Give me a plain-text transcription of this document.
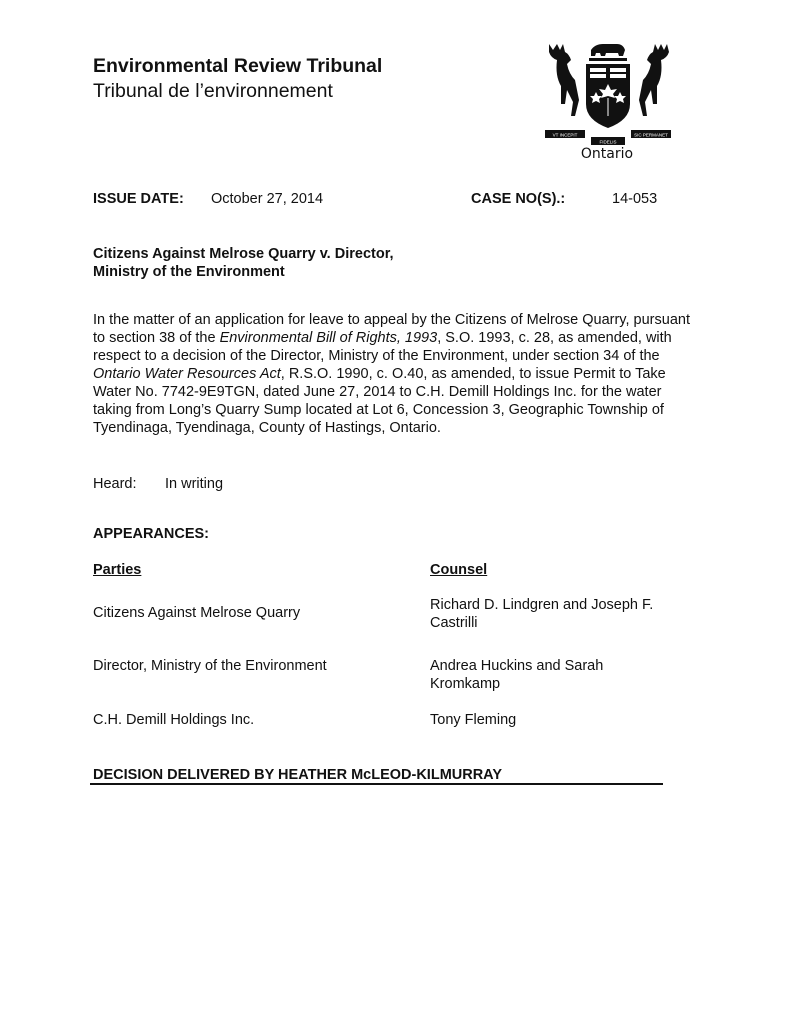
Environmental Review Tribunal
Tribunal de l’environnement
VT INCEPIT	SIC PERMANET
FIDELIS
Ontario
ISSUE DATE: October 27, 2014	CASE NO(S).:	14-053
Citizens Against Melrose Quarry v. Director,
Ministry of the Environment
In the matter of an application for leave to appeal by the Citizens of Melrose Quarry, pursuant to section 38 of the Environmental Bill of Rights, 1993, S.O. 1993, c. 28, as amended, with respect to a decision of the Director, Ministry of the Environment, under section 34 of the Ontario Water Resources Act, R.S.O. 1990, c. O.40, as amended, to issue Permit to Take Water No. 7742-9E9TGN, dated June 27, 2014 to C.H. Demill Holdings Inc. for the water taking from Long’s Quarry Sump located at Lot 6, Concession 3, Geographic Township of Tyendinaga, Tyendinaga, County of Hastings, Ontario.
Heard: In writing
APPEARANCES:
Parties	Counsel
Citizens Against Melrose Quarry	Richard D. Lindgren and Joseph F. Castrilli
Director, Ministry of the Environment	Andrea Huckins and Sarah Kromkamp
C.H. Demill Holdings Inc.	Tony Fleming
DECISION DELIVERED BY HEATHER McLEOD-KILMURRAY
